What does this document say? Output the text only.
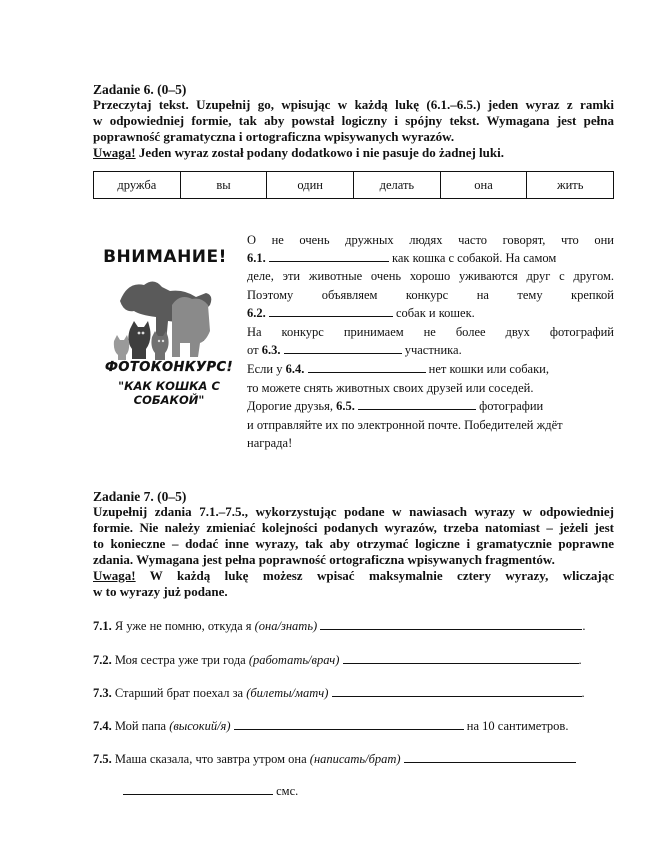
Zadanie 6. (0–5)
Przeczytaj tekst. Uzupełnij go, wpisując w każdą lukę (6.1.–6.5.) jeden wyraz z ramki
w odpowiedniej formie, tak aby powstał logiczny i spójny tekst. Wymagana jest pełna
poprawność gramatyczna i ortograficzna wpisywanych wyrazów.
Uwaga! Jeden wyraz został podany dodatkowo i nie pasuje do żadnej luki.
дружба	вы	один	делать	она	жить
ВНИМАНИЕ!
ФОТОКОНКУРС!
"КАК КОШКА С СОБАКОЙ"
О не очень дружных людях часто говорят, что они
6.1.	как кошка с собакой. На самом
деле, эти животные очень хорошо уживаются друг с другом.
Поэтому объявляем конкурс на тему крепкой
6.2.	собак и кошек.
На конкурс принимаем не более двух фотографий
от 6.3.	участника.
Если у 6.4.	нет кошки или собаки,
то можете снять животных своих друзей или соседей.
Дорогие друзья, 6.5.	фотографии
и отправляйте их по электронной почте. Победителей ждёт
награда!
Zadanie 7. (0–5)
Uzupełnij zdania 7.1.–7.5., wykorzystując podane w nawiasach wyrazy w odpowiedniej
formie. Nie należy zmieniać kolejności podanych wyrazów, trzeba natomiast – jeżeli jest
to konieczne – dodać inne wyrazy, tak aby otrzymać logiczne i gramatycznie poprawne
zdania. Wymagana jest pełna poprawność ortograficzna wpisywanych fragmentów.
Uwaga! W każdą lukę możesz wpisać maksymalnie cztery wyrazy, wliczając
w to wyrazy już podane.
7.1. Я уже не помню, откуда я (она/знать)	.
7.2. Моя сестра уже три года (работать/врач)	.
7.3. Старший брат поехал за (билеты/матч)	.
7.4. Мой папа (высокий/я)	на 10 сантиметров.
7.5. Маша сказала, что завтра утром она (написать/брат)
смс.
